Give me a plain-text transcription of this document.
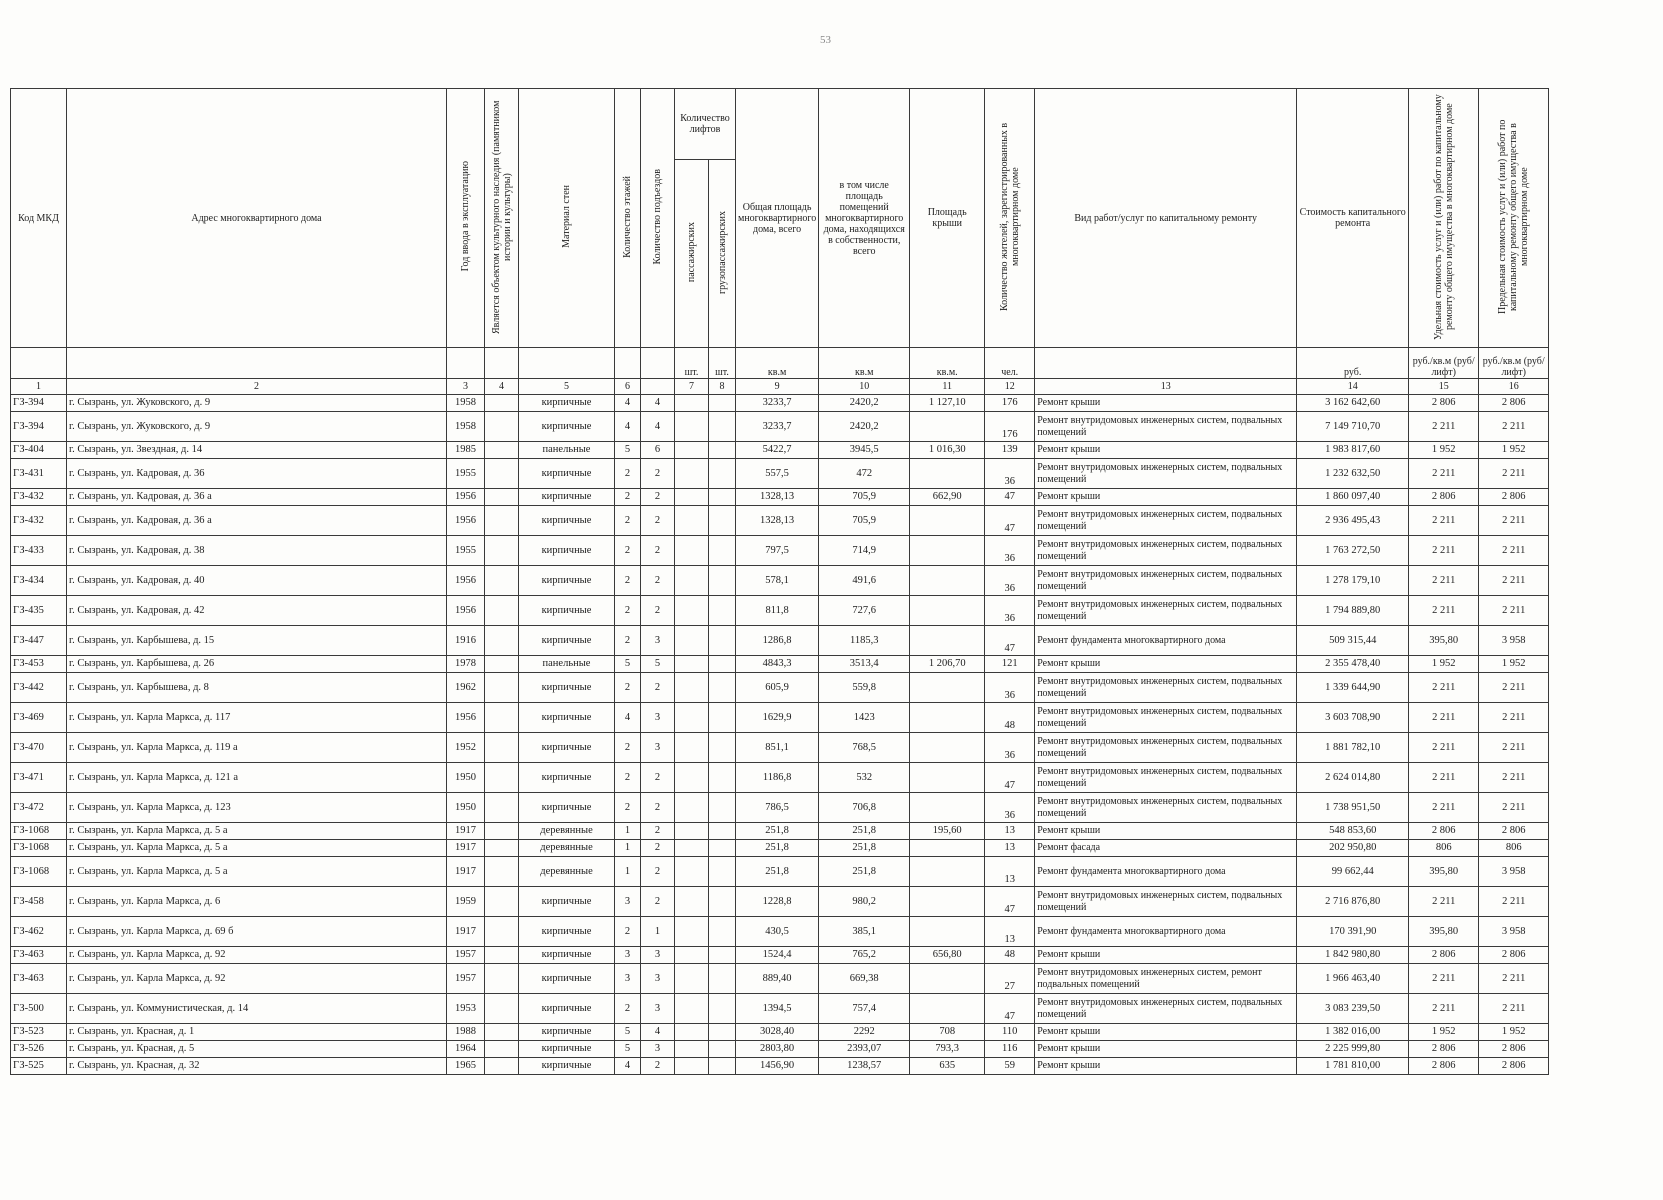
53
Код МКД	Адрес многоквартирного дома	Год ввода в эксплуатацию	Является объектом культурного наследия (памятником истории и культуры)	Материал стен	Количество этажей	Количество подъездов	Количество лифтов		Общая площадь многоквартирного дома, всего	в том числе площадь помещений многоквартирного дома, находящихся в собственности, всего	Площадь крыши	Количество жителей, зарегистрированных в многоквартирном доме	Вид работ/услуг по капитальному ремонту	Стоимость капитального ремонта	Удельная стоимость услуг и (или) работ по капитальному ремонту общего имущества в многоквартирном доме	Предельная стоимость услуг и (или) работ по капитальному ремонту общего имущества в многоквартирном доме
							пассажирских	грузопассажирских								
							шт.	шт.	кв.м	кв.м	кв.м.	чел.		руб.	руб./кв.м (руб/лифт)	руб./кв.м (руб/лифт)
1	2	3	4	5	6		7	8	9	10	11	12	13	14	15	16
ГЗ-394	г. Сызрань, ул. Жуковского, д. 9	1958		кирпичные	4	4			3233,7	2420,2	1 127,10	176	Ремонт крыши	3 162 642,60	2 806	2 806
ГЗ-394	г. Сызрань, ул. Жуковского, д. 9	1958		кирпичные	4	4			3233,7	2420,2		176	Ремонт внутридомовых инженерных систем, подвальных помещений	7 149 710,70	2 211	2 211
ГЗ-404	г. Сызрань, ул. Звездная, д. 14	1985		панельные	5	6			5422,7	3945,5	1 016,30	139	Ремонт крыши	1 983 817,60	1 952	1 952
ГЗ-431	г. Сызрань, ул. Кадровая, д. 36	1955		кирпичные	2	2			557,5	472		36	Ремонт внутридомовых инженерных систем, подвальных помещений	1 232 632,50	2 211	2 211
ГЗ-432	г. Сызрань, ул. Кадровая, д. 36 а	1956		кирпичные	2	2			1328,13	705,9	662,90	47	Ремонт крыши	1 860 097,40	2 806	2 806
ГЗ-432	г. Сызрань, ул. Кадровая, д. 36 а	1956		кирпичные	2	2			1328,13	705,9		47	Ремонт внутридомовых инженерных систем, подвальных помещений	2 936 495,43	2 211	2 211
ГЗ-433	г. Сызрань, ул. Кадровая, д. 38	1955		кирпичные	2	2			797,5	714,9		36	Ремонт внутридомовых инженерных систем, подвальных помещений	1 763 272,50	2 211	2 211
ГЗ-434	г. Сызрань, ул. Кадровая, д. 40	1956		кирпичные	2	2			578,1	491,6		36	Ремонт внутридомовых инженерных систем, подвальных помещений	1 278 179,10	2 211	2 211
ГЗ-435	г. Сызрань, ул. Кадровая, д. 42	1956		кирпичные	2	2			811,8	727,6		36	Ремонт внутридомовых инженерных систем, подвальных помещений	1 794 889,80	2 211	2 211
ГЗ-447	г. Сызрань, ул. Карбышева, д. 15	1916		кирпичные	2	3			1286,8	1185,3		47	Ремонт фундамента многоквартирного дома	509 315,44	395,80	3 958
ГЗ-453	г. Сызрань, ул. Карбышева, д. 26	1978		панельные	5	5			4843,3	3513,4	1 206,70	121	Ремонт крыши	2 355 478,40	1 952	1 952
ГЗ-442	г. Сызрань, ул. Карбышева, д. 8	1962		кирпичные	2	2			605,9	559,8		36	Ремонт внутридомовых инженерных систем, подвальных помещений	1 339 644,90	2 211	2 211
ГЗ-469	г. Сызрань, ул. Карла Маркса, д. 117	1956		кирпичные	4	3			1629,9	1423		48	Ремонт внутридомовых инженерных систем, подвальных помещений	3 603 708,90	2 211	2 211
ГЗ-470	г. Сызрань, ул. Карла Маркса, д. 119 а	1952		кирпичные	2	3			851,1	768,5		36	Ремонт внутридомовых инженерных систем, подвальных помещений	1 881 782,10	2 211	2 211
ГЗ-471	г. Сызрань, ул. Карла Маркса, д. 121 а	1950		кирпичные	2	2			1186,8	532		47	Ремонт внутридомовых инженерных систем, подвальных помещений	2 624 014,80	2 211	2 211
ГЗ-472	г. Сызрань, ул. Карла Маркса, д. 123	1950		кирпичные	2	2			786,5	706,8		36	Ремонт внутридомовых инженерных систем, подвальных помещений	1 738 951,50	2 211	2 211
ГЗ-1068	г. Сызрань, ул. Карла Маркса, д. 5 а	1917		деревянные	1	2			251,8	251,8	195,60	13	Ремонт крыши	548 853,60	2 806	2 806
ГЗ-1068	г. Сызрань, ул. Карла Маркса, д. 5 а	1917		деревянные	1	2			251,8	251,8		13	Ремонт фасада	202 950,80	806	806
ГЗ-1068	г. Сызрань, ул. Карла Маркса, д. 5 а	1917		деревянные	1	2			251,8	251,8		13	Ремонт фундамента многоквартирного дома	99 662,44	395,80	3 958
ГЗ-458	г. Сызрань, ул. Карла Маркса, д. 6	1959		кирпичные	3	2			1228,8	980,2		47	Ремонт внутридомовых инженерных систем, подвальных помещений	2 716 876,80	2 211	2 211
ГЗ-462	г. Сызрань, ул. Карла Маркса, д. 69 б	1917		кирпичные	2	1			430,5	385,1		13	Ремонт фундамента многоквартирного дома	170 391,90	395,80	3 958
ГЗ-463	г. Сызрань, ул. Карла Маркса, д. 92	1957		кирпичные	3	3			1524,4	765,2	656,80	48	Ремонт крыши	1 842 980,80	2 806	2 806
ГЗ-463	г. Сызрань, ул. Карла Маркса, д. 92	1957		кирпичные	3	3			889,40	669,38		27	Ремонт внутридомовых инженерных систем, ремонт подвальных помещений	1 966 463,40	2 211	2 211
ГЗ-500	г. Сызрань, ул. Коммунистическая, д. 14	1953		кирпичные	2	3			1394,5	757,4		47	Ремонт внутридомовых инженерных систем, подвальных помещений	3 083 239,50	2 211	2 211
ГЗ-523	г. Сызрань, ул. Красная, д. 1	1988		кирпичные	5	4			3028,40	2292	708	110	Ремонт крыши	1 382 016,00	1 952	1 952
ГЗ-526	г. Сызрань, ул. Красная, д. 5	1964		кирпичные	5	3			2803,80	2393,07	793,3	116	Ремонт крыши	2 225 999,80	2 806	2 806
ГЗ-525	г. Сызрань, ул. Красная, д. 32	1965		кирпичные	4	2			1456,90	1238,57	635	59	Ремонт крыши	1 781 810,00	2 806	2 806
